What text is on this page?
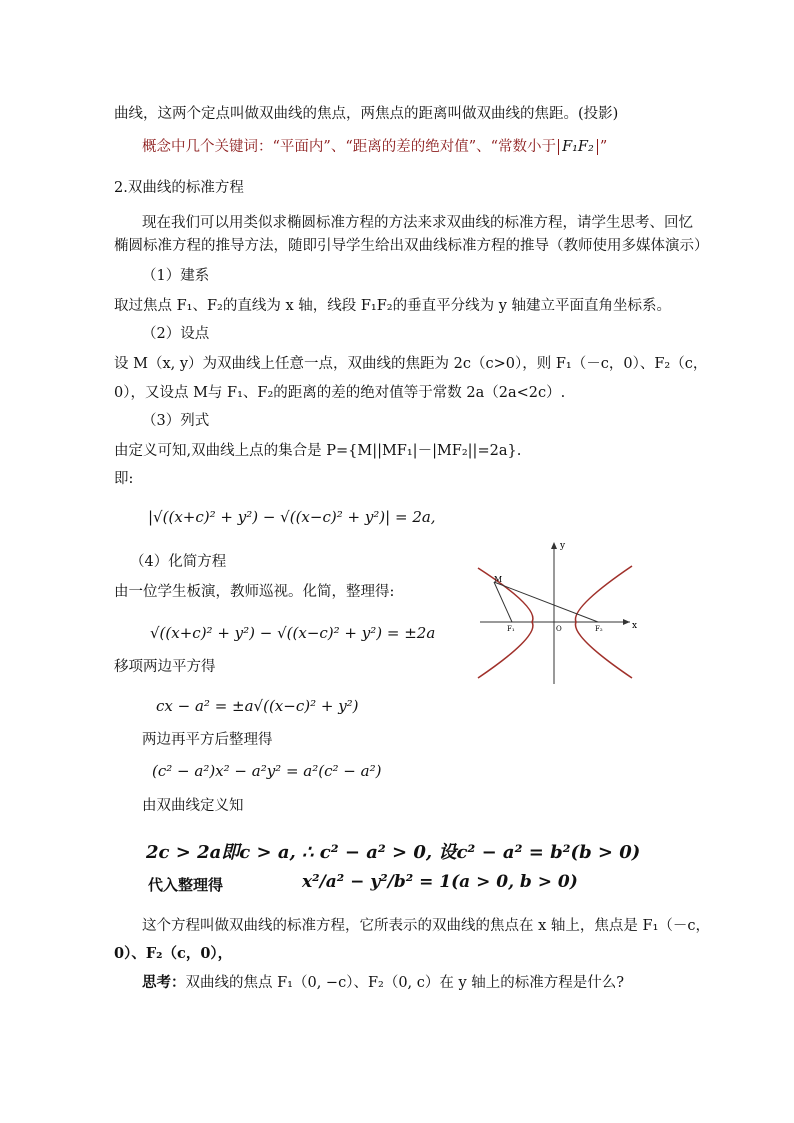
曲线，这两个定点叫做双曲线的焦点，两焦点的距离叫做双曲线的焦距。(投影)
概念中几个关键词：“平面内”、“距离的差的绝对值”、“常数小于 F₁F₂ ”
2.双曲线的标准方程
现在我们可以用类似求椭圆标准方程的方法来求双曲线的标准方程，请学生思考、回忆
椭圆标准方程的推导方法，随即引导学生给出双曲线标准方程的推导（教师使用多媒体演示）
（1）建系
取过焦点 F₁、F₂的直线为 x 轴，线段 F₁F₂的垂直平分线为 y 轴建立平面直角坐标系。
（2）设点
设 M（x, y）为双曲线上任意一点，双曲线的焦距为 2c（c>0），则 F₁（－c，0）、F₂（c，
0），又设点 M与 F₁、F₂的距离的差的绝对值等于常数 2a（2a<2c）.
（3）列式
由定义可知,双曲线上点的集合是 P={M||MF₁|－|MF₂||=2a}.
即:
|√((x+c)² + y²) − √((x−c)² + y²)| = 2a,
（4）化简方程
由一位学生板演，教师巡视。化简，整理得:
√((x+c)² + y²) − √((x−c)² + y²) = ±2a
移项两边平方得
cx − a² = ±a√((x−c)² + y²)
两边再平方后整理得
(c² − a²)x² − a²y² = a²(c² − a²)
由双曲线定义知
2c > 2a即c > a, ∴ c² − a² > 0, 设c² − a² = b²(b > 0)
代入整理得	x²/a² − y²/b² = 1(a > 0, b > 0)
这个方程叫做双曲线的标准方程，它所表示的双曲线的焦点在 x 轴上，焦点是 F₁（－c，
0）、F₂（c，0），
思考：双曲线的焦点 F₁（0, −c）、F₂（0, c）在 y 轴上的标准方程是什么?
x
y
M
F₁	F₂
O
